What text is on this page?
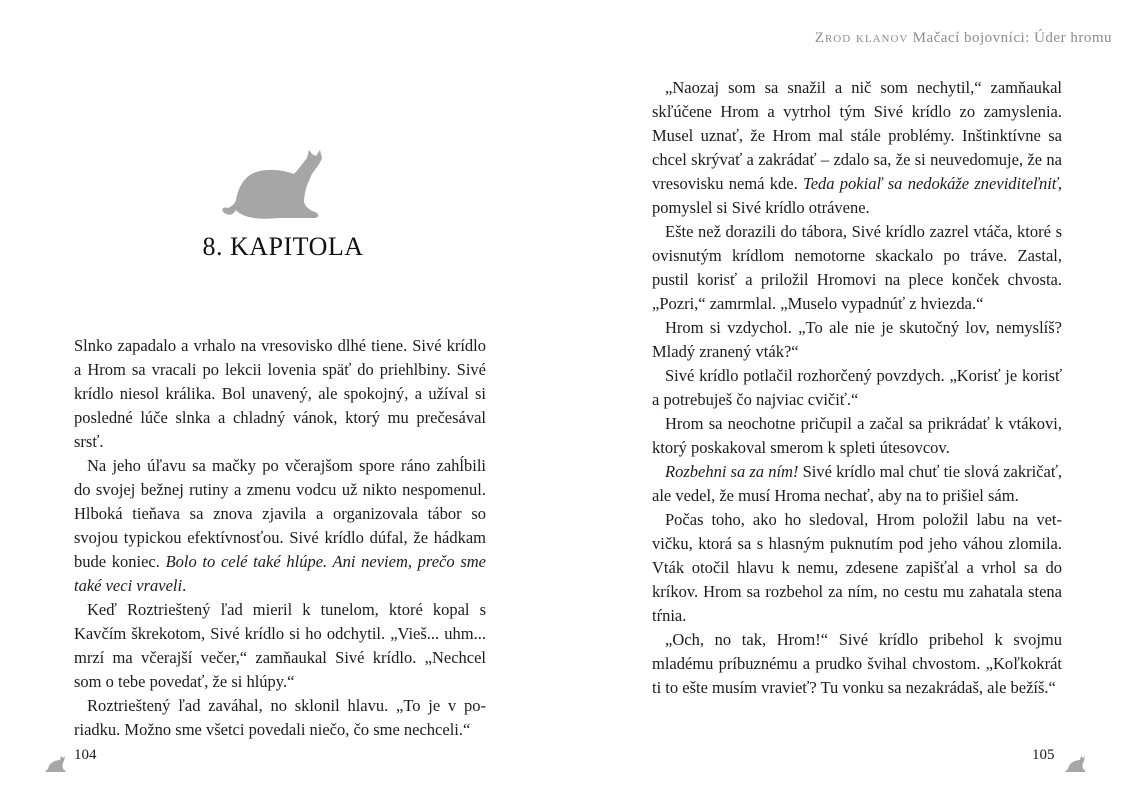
8. KAPITOLA

Slnko zapadalo a vrhalo na vresovisko dlhé tiene. Sivé krídlo a Hrom sa vracali po lekcii lovenia späť do priehlbiny. Sivé krídlo niesol králika. Bol unavený, ale spokojný, a užíval si posledné lúče slnka a chladný vánok, ktorý mu prečesával srsť.

Na jeho úľavu sa mačky po včerajšom spore ráno zahĺbili do svojej bežnej rutiny a zmenu vodcu už nikto nespomenul. Hlboká tieňava sa znova zjavila a organizovala tábor so svojou typickou efektívnosťou. Sivé krídlo dúfal, že hádkam bude koniec. Bolo to celé také hlúpe. Ani neviem, prečo sme také veci vraveli.

Keď Roztrieštený ľad mieril k tunelom, ktoré kopal s Kavčím škrekotom, Sivé krídlo si ho odchytil. „Vieš... uhm... mrzí ma včerajší večer,“ zamňaukal Sivé krídlo. „Nechcel som o tebe povedať, že si hlúpy.“

Roztrieštený ľad zaváhal, no sklonil hlavu. „To je v poriadku. Možno sme všetci povedali niečo, čo sme nechceli.“

104
Zrod klanov Mačací bojovníci: Úder hromu

„Naozaj som sa snažil a nič som nechytil,“ zamňaukal skľúčene Hrom a vytrhol tým Sivé krídlo zo zamyslenia. Musel uznať, že Hrom mal stále problémy. Inštinktívne sa chcel skrývať a zakrádať – zdalo sa, že si neuvedomuje, že na vresovisku nemá kde. Teda pokiaľ sa nedokáže zneviditeľniť, pomyslel si Sivé krídlo otrávene.

Ešte než dorazili do tábora, Sivé krídlo zazrel vtáča, ktoré s ovisnutým krídlom nemotorne skackalo po tráve. Zastal, pustil korisť a priložil Hromovi na plece konček chvosta. „Pozri,“ zamrmlal. „Muselo vypadnúť z hviezda.“

Hrom si vzdychol. „To ale nie je skutočný lov, nemyslíš? Mladý zranený vták?“

Sivé krídlo potlačil rozhorčený povzdych. „Korisť je korisť a potrebuješ čo najviac cvičiť.“

Hrom sa neochotne pričupil a začal sa prikrádať k vtákovi, ktorý poskakoval smerom k spleti útesovcov.

Rozbehni sa za ním! Sivé krídlo mal chuť tie slová zakričať, ale vedel, že musí Hroma nechať, aby na to prišiel sám.

Počas toho, ako ho sledoval, Hrom položil labu na vetvičku, ktorá sa s hlasným puknutím pod jeho váhou zlomila. Vták otočil hlavu k nemu, zdesene zapišťal a vrhol sa do kríkov. Hrom sa rozbehol za ním, no cestu mu zahatala stena tŕnia.

„Och, no tak, Hrom!“ Sivé krídlo pribehol k svojmu mladému príbuznému a prudko švihal chvostom. „Koľkokrát ti to ešte musím vravieť? Tu vonku sa nezakrádaš, ale bežíš.“

105
